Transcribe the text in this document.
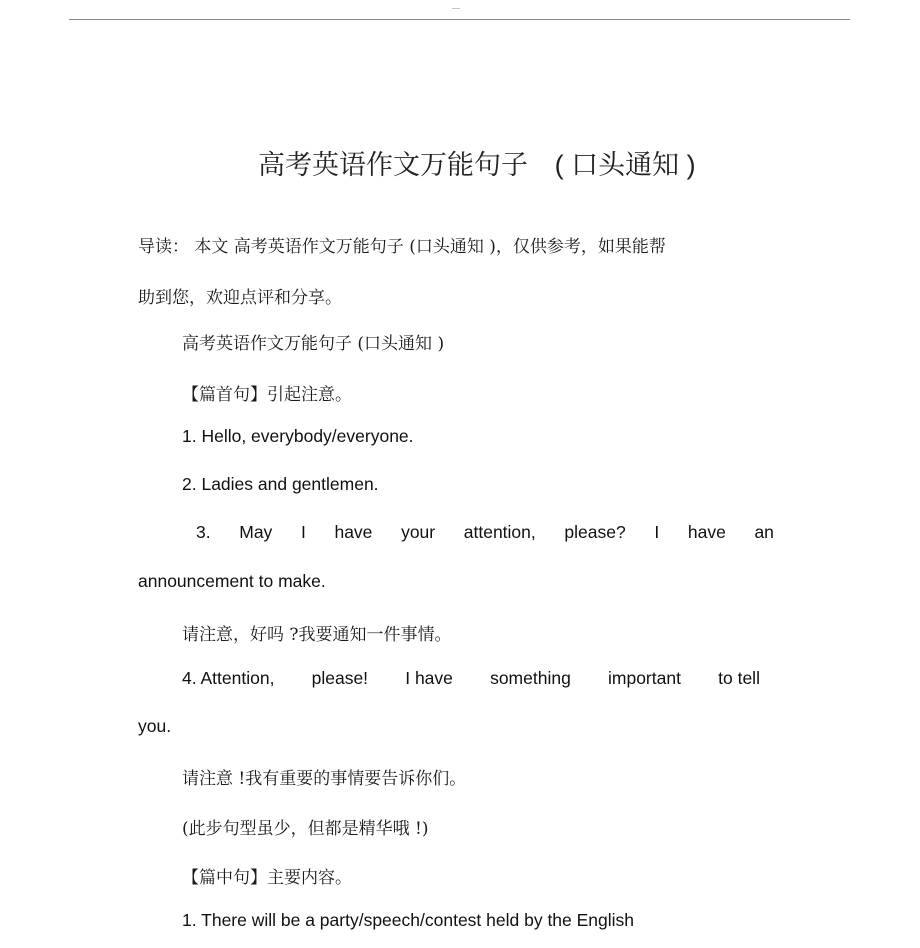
----
高考英语作文万能句子 ( 口头通知 )
导读： 本文 高考英语作文万能句子 (口头通知 )，仅供参考，如果能帮
助到您，欢迎点评和分享。
高考英语作文万能句子 (口头通知 )
【篇首句】引起注意。
1. Hello, everybody/everyone.
2. Ladies and gentlemen.
3. May I have your attention, please? I have an
announcement to make.
请注意，好吗 ?我要通知一件事情。
4. Attention, please! I have something important to tell
you.
请注意 !我有重要的事情要告诉你们。
(此步句型虽少，但都是精华哦 !)
【篇中句】主要内容。
1. There will be a party/speech/contest held by the English
